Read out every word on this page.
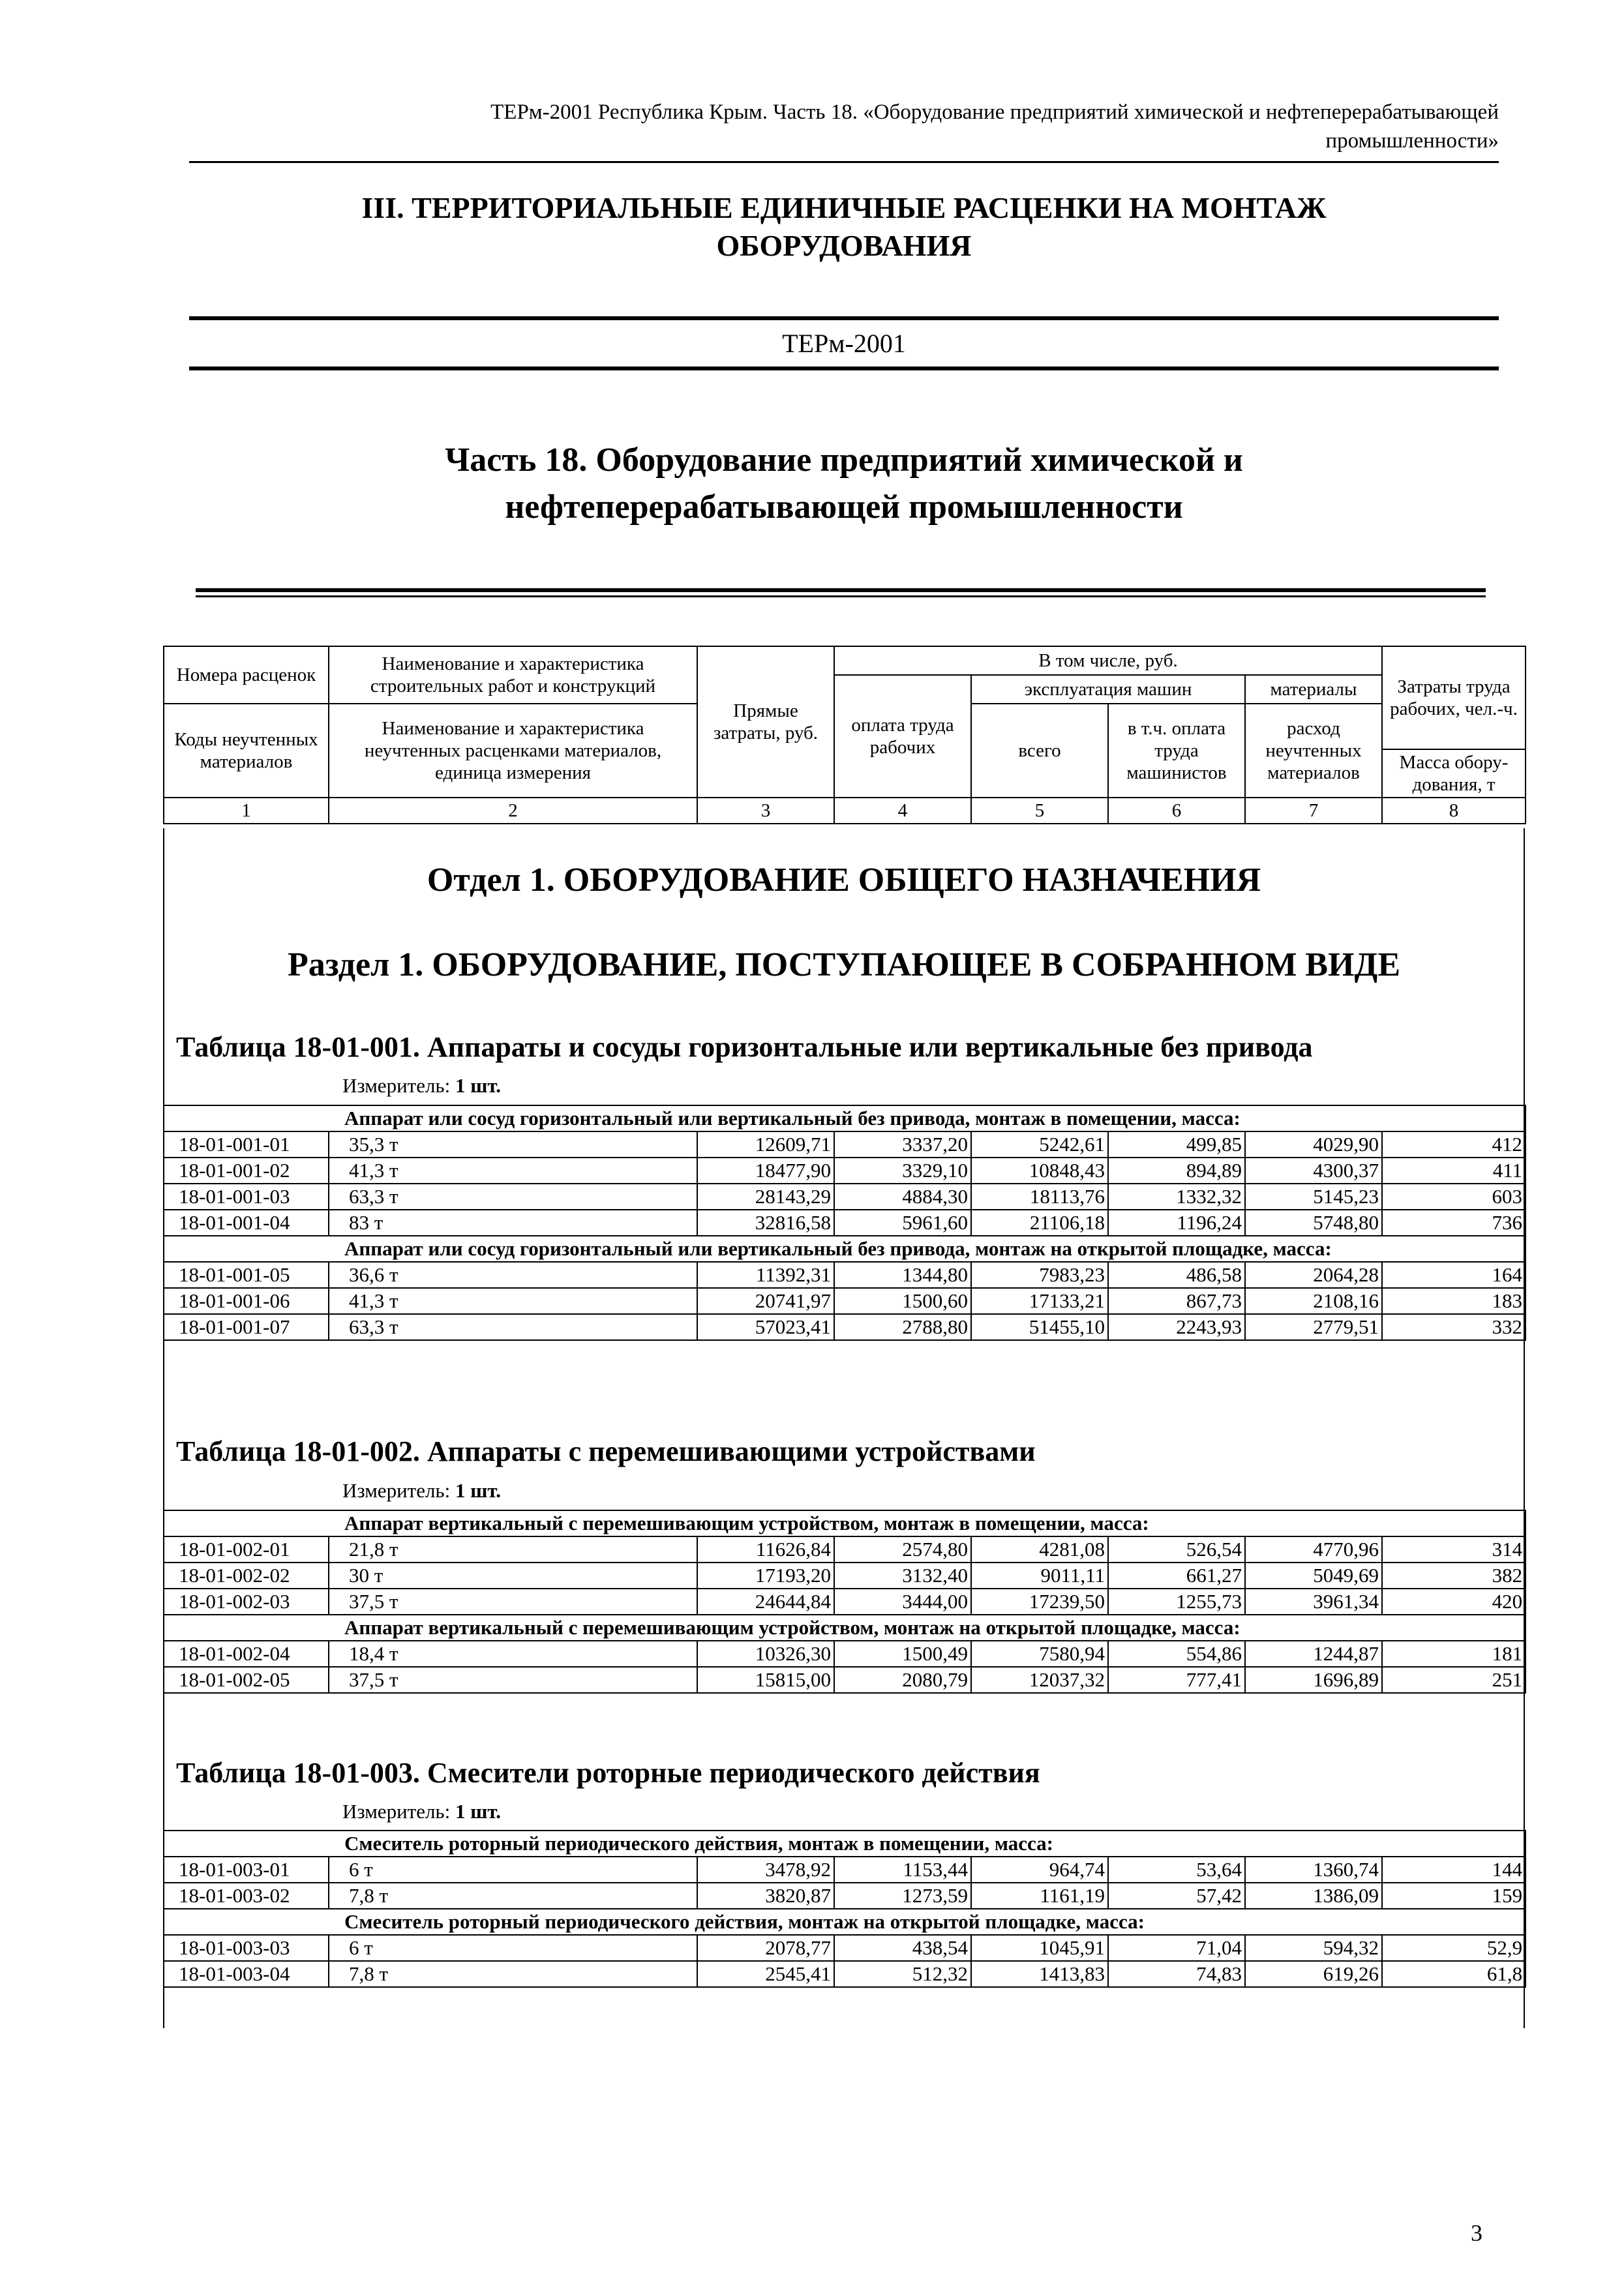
ТЕРм-2001 Республика Крым. Часть 18. «Оборудование предприятий химической и нефтеперерабатывающей
промышленности»
III. ТЕРРИТОРИАЛЬНЫЕ ЕДИНИЧНЫЕ РАСЦЕНКИ НА МОНТАЖ
ОБОРУДОВАНИЯ
ТЕРм-2001
Часть 18. Оборудование предприятий химической и
нефтеперерабатывающей промышленности
Номера расценок	Наименование и характеристика строительных работ и конструкций	Прямые затраты, руб.	В том числе, руб.				Затраты труда рабочих, чел.-ч.
			оплата труда рабочих	эксплуатация машин		материалы	
Коды неучтенных материалов	Наименование и характеристика неучтенных расценками материалов, единица измерения			всего	в т.ч. оплата труда машинистов	расход неучтенных материалов	
							Масса обору-дования, т
1	2	3	4	5	6	7	8
Отдел 1. ОБОРУДОВАНИЕ ОБЩЕГО НАЗНАЧЕНИЯ
Раздел 1. ОБОРУДОВАНИЕ, ПОСТУПАЮЩЕЕ В СОБРАННОМ ВИДЕ
Таблица 18-01-001. Аппараты и сосуды горизонтальные или вертикальные без привода
Измеритель: 1 шт.
Аппарат или сосуд горизонтальный или вертикальный без привода, монтаж в помещении, масса:							
18-01-001-01	35,3 т	12609,71	3337,20	5242,61	499,85	4029,90	412
18-01-001-02	41,3 т	18477,90	3329,10	10848,43	894,89	4300,37	411
18-01-001-03	63,3 т	28143,29	4884,30	18113,76	1332,32	5145,23	603
18-01-001-04	83 т	32816,58	5961,60	21106,18	1196,24	5748,80	736
Аппарат или сосуд горизонтальный или вертикальный без привода, монтаж на открытой площадке, масса:							
18-01-001-05	36,6 т	11392,31	1344,80	7983,23	486,58	2064,28	164
18-01-001-06	41,3 т	20741,97	1500,60	17133,21	867,73	2108,16	183
18-01-001-07	63,3 т	57023,41	2788,80	51455,10	2243,93	2779,51	332
Таблица 18-01-002. Аппараты с перемешивающими устройствами
Измеритель: 1 шт.
Аппарат вертикальный с перемешивающим устройством, монтаж в помещении, масса:							
18-01-002-01	21,8 т	11626,84	2574,80	4281,08	526,54	4770,96	314
18-01-002-02	30 т	17193,20	3132,40	9011,11	661,27	5049,69	382
18-01-002-03	37,5 т	24644,84	3444,00	17239,50	1255,73	3961,34	420
Аппарат вертикальный с перемешивающим устройством, монтаж на открытой площадке, масса:							
18-01-002-04	18,4 т	10326,30	1500,49	7580,94	554,86	1244,87	181
18-01-002-05	37,5 т	15815,00	2080,79	12037,32	777,41	1696,89	251
Таблица 18-01-003. Смесители роторные периодического действия
Измеритель: 1 шт.
Смеситель роторный периодического действия, монтаж в помещении, масса:							
18-01-003-01	6 т	3478,92	1153,44	964,74	53,64	1360,74	144
18-01-003-02	7,8 т	3820,87	1273,59	1161,19	57,42	1386,09	159
Смеситель роторный периодического действия, монтаж на открытой площадке, масса:							
18-01-003-03	6 т	2078,77	438,54	1045,91	71,04	594,32	52,9
18-01-003-04	7,8 т	2545,41	512,32	1413,83	74,83	619,26	61,8
3
